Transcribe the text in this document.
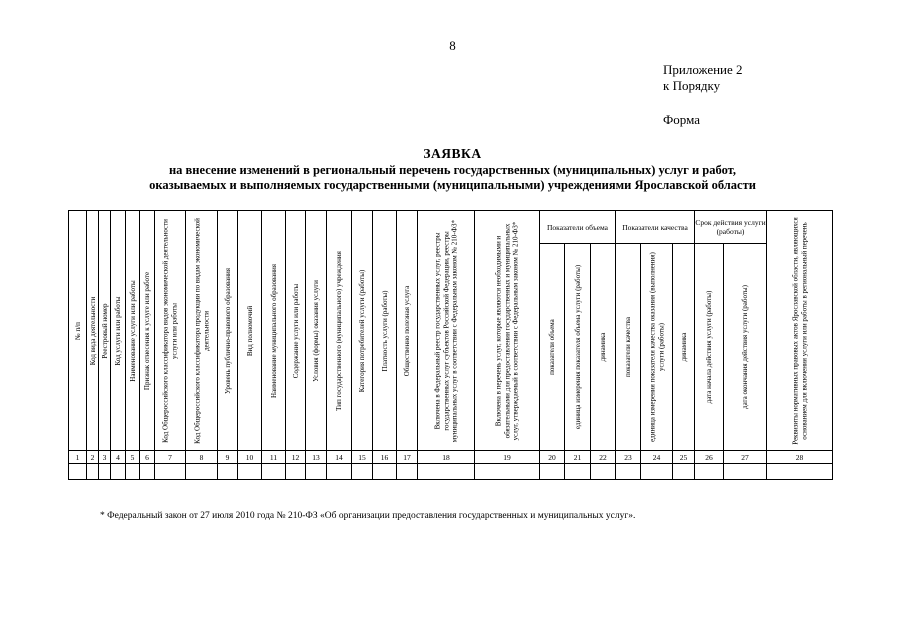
8
Приложение 2
к Порядку
Форма
ЗАЯВКА
на внесение изменений в региональный перечень государственных (муниципальных) услуг и работ,
оказываемых и выполняемых государственными (муниципальными) учреждениями Ярославской области
№ п/п	Код вида деятельности	Реестровый номер	Код услуги или работы	Наименование услуги или работы	Признак отнесения к услуге или работе	Код Общероссийского классификатора видов экономической деятельности услуги или работы	Код Общероссийского классификатора продукции по видам экономической деятельности	Уровень публично-правового образования	Вид полномочий	Наименование муниципального образования	Содержание услуги или работы	Условия (формы) оказания услуги	Тип государственного (муниципального) учреждения	Категория потребителей услуги (работы)	Платность услуги (работы)	Общественно полезная услуга	Включена в Федеральный реестр государственных услуг, реестры государственных услуг субъектов Российской Федерации, реестры муниципальных услуг в соответствии с Федеральным законом № 210-ФЗ*	Включена в перечень услуг, которые являются необходимыми и обязательными для предоставления государственных и муниципальных услуг, утверждаемый в соответствии с Федеральным законом № 210-ФЗ*	Показатели объема			Показатели качества			Срок действия услуги (работы)		Реквизиты нормативных правовых актов Ярославской области, являющихся основанием для включения услуги или работы в региональный перечень

																			показатели объема	единица измерения показателя объема услуги (работы)	динамика	показатели качества	единица измерения показателя качества оказания (выполнения) услуги (работы)	динамика	дата начала действия услуги (работы)	дата окончания действия услуги (работы)	

1	2	3	4	5	6	7	8	9	10	11	12	13	14	15	16	17	18	19	20	21	22	23	24	25	26	27	28

* Федеральный закон от 27 июля 2010 года № 210-ФЗ «Об организации предоставления государственных и муниципальных услуг».
